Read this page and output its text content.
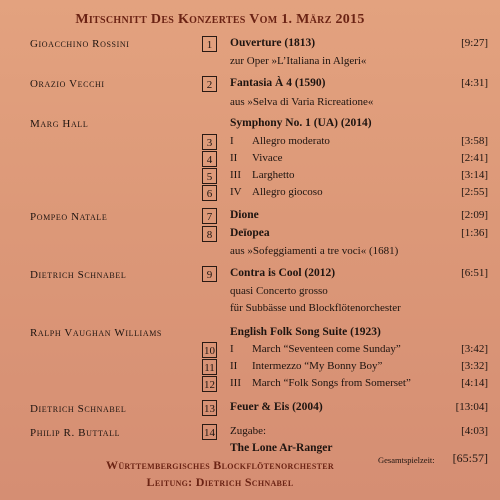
Mitschnitt Des Konzertes Vom 1. März 2015
Gioacchino Rossini	1	Ouverture (1813)	[9:27]
zur Oper »L’Italiana in Algeri«
Orazio Vecchi	2	Fantasia À 4 (1590)	[4:31]
aus »Selva di Varia Ricreatione«
Marg Hall	Symphony No. 1 (UA) (2014)
3	I Allegro moderato	[3:58]
4	II Vivace	[2:41]
5	III Larghetto	[3:14]
6	IV Allegro giocoso	[2:55]
Pompeo Natale	7	Dione	[2:09]
8	Deïopea	[1:36]
aus »Sofeggiamenti a tre voci« (1681)
Dietrich Schnabel	9	Contra is Cool (2012)	[6:51]
quasi Concerto grosso
für Subbässe und Blockflötenorchester
Ralph Vaughan Williams	English Folk Song Suite (1923)
10 I March “Seventeen come Sunday”	[3:42]
11 II Intermezzo “My Bonny Boy”	[3:32]
12 III March “Folk Songs from Somerset”	[4:14]
Dietrich Schnabel	13 Feuer & Eis (2004)	[13:04]
Philip R. Buttall	14 Zugabe:	[4:03]
The Lone Ar-Ranger
Gesamtspielzeit: [65:57]
Württembergisches Blockflötenorchester
Leitung: Dietrich Schnabel
